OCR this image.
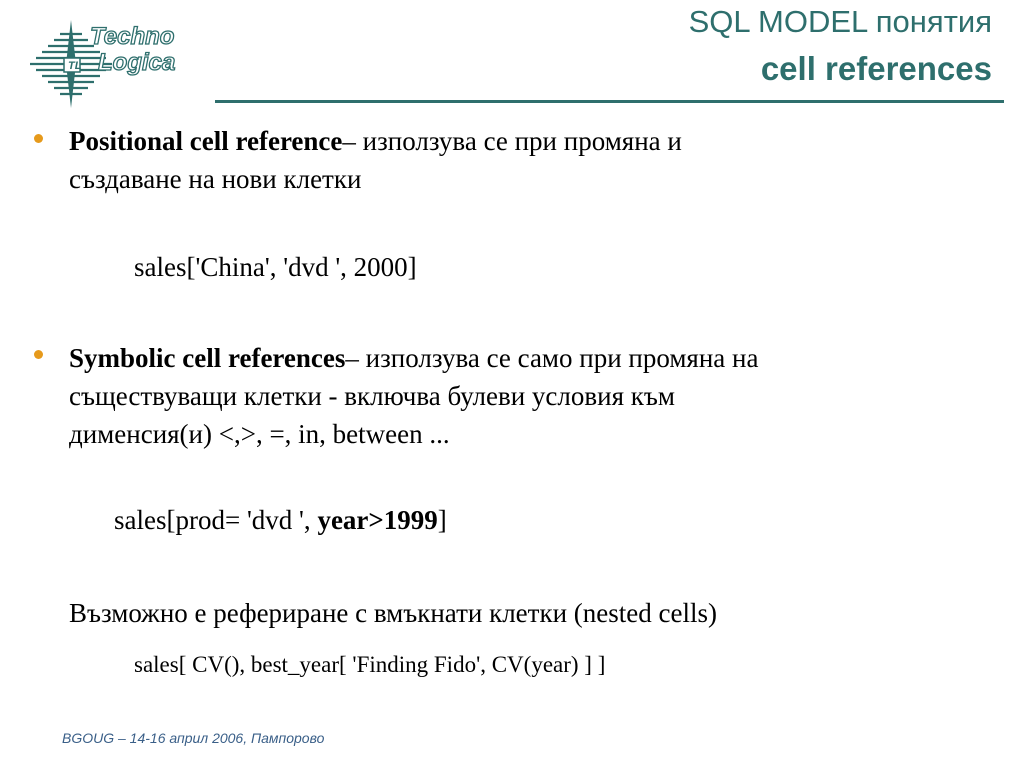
TL
Techno
Logica
SQL MODEL понятия
cell references
Positional cell reference– използува се при промяна и
създаване на нови клетки
sales['China', 'dvd ', 2000]
Symbolic cell references– използува се само при промяна на
съществуващи клетки - включва булеви условия към
дименсия(и) <,>, =, in, between ...
sales[prod= 'dvd ', year>1999]
Възможно е рефериране с вмъкнати клетки (nested cells)
sales[ CV(), best_year[ 'Finding Fido', CV(year) ] ]
BGOUG – 14-16 април 2006, Пампорово
